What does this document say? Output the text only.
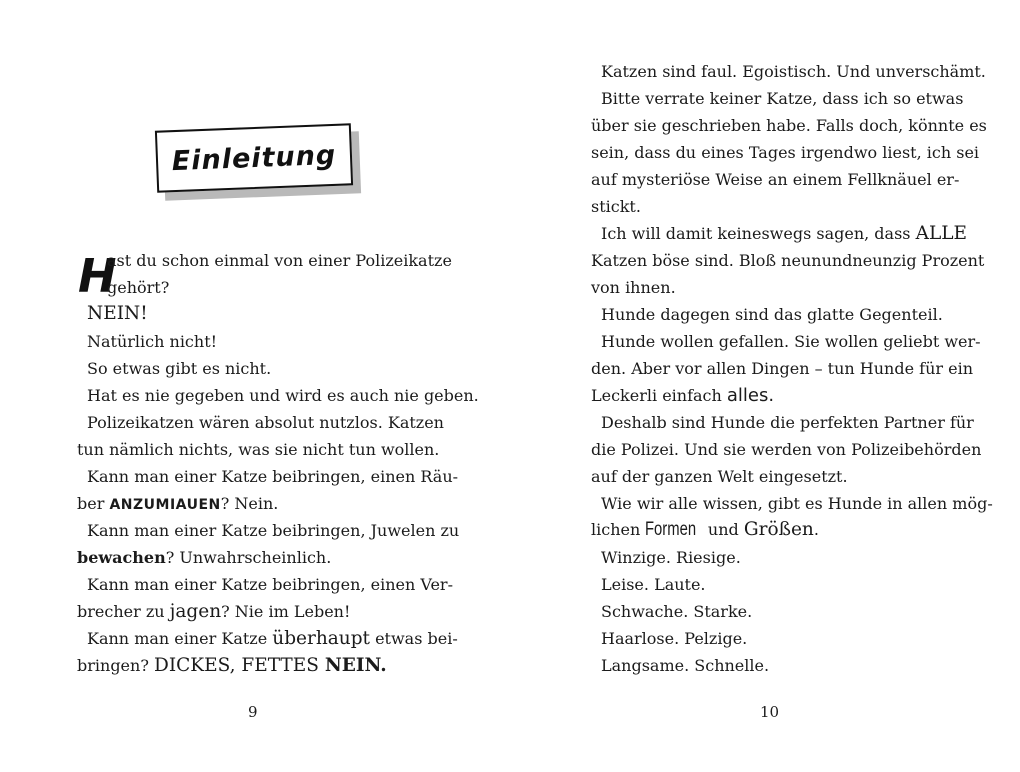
Einleitung
H
ast du schon einmal von einer Polizeikatze
gehört?
NEIN!
Natürlich nicht!
So etwas gibt es nicht.
Hat es nie gegeben und wird es auch nie geben.
Polizeikatzen wären absolut nutzlos. Katzen
tun nämlich nichts, was sie nicht tun wollen.
Kann man einer Katze beibringen, einen Räu-
ber ANZUMIAUEN? Nein.
Kann man einer Katze beibringen, Juwelen zu
bewachen? Unwahrscheinlich.
Kann man einer Katze beibringen, einen Ver-
brecher zu jagen? Nie im Leben!
Kann man einer Katze überhaupt etwas bei-
bringen? DICKES, FETTES NEIN.
9
Katzen sind faul. Egoistisch. Und unverschämt.
Bitte verrate keiner Katze, dass ich so etwas
über sie geschrieben habe. Falls doch, könnte es
sein, dass du eines Tages irgendwo liest, ich sei
auf mysteriöse Weise an einem Fellknäuel er-
stickt.
Ich will damit keineswegs sagen, dass ALLE
Katzen böse sind. Bloß neunundneunzig Prozent
von ihnen.
Hunde dagegen sind das glatte Gegenteil.
Hunde wollen gefallen. Sie wollen geliebt wer-
den. Aber vor allen Dingen – tun Hunde für ein
Leckerli einfach alles.
Deshalb sind Hunde die perfekten Partner für
die Polizei. Und sie werden von Polizeibehörden
auf der ganzen Welt eingesetzt.
Wie wir alle wissen, gibt es Hunde in allen mög-
lichen Formen und Größen.
Winzige. Riesige.
Leise. Laute.
Schwache. Starke.
Haarlose. Pelzige.
Langsame. Schnelle.
10
